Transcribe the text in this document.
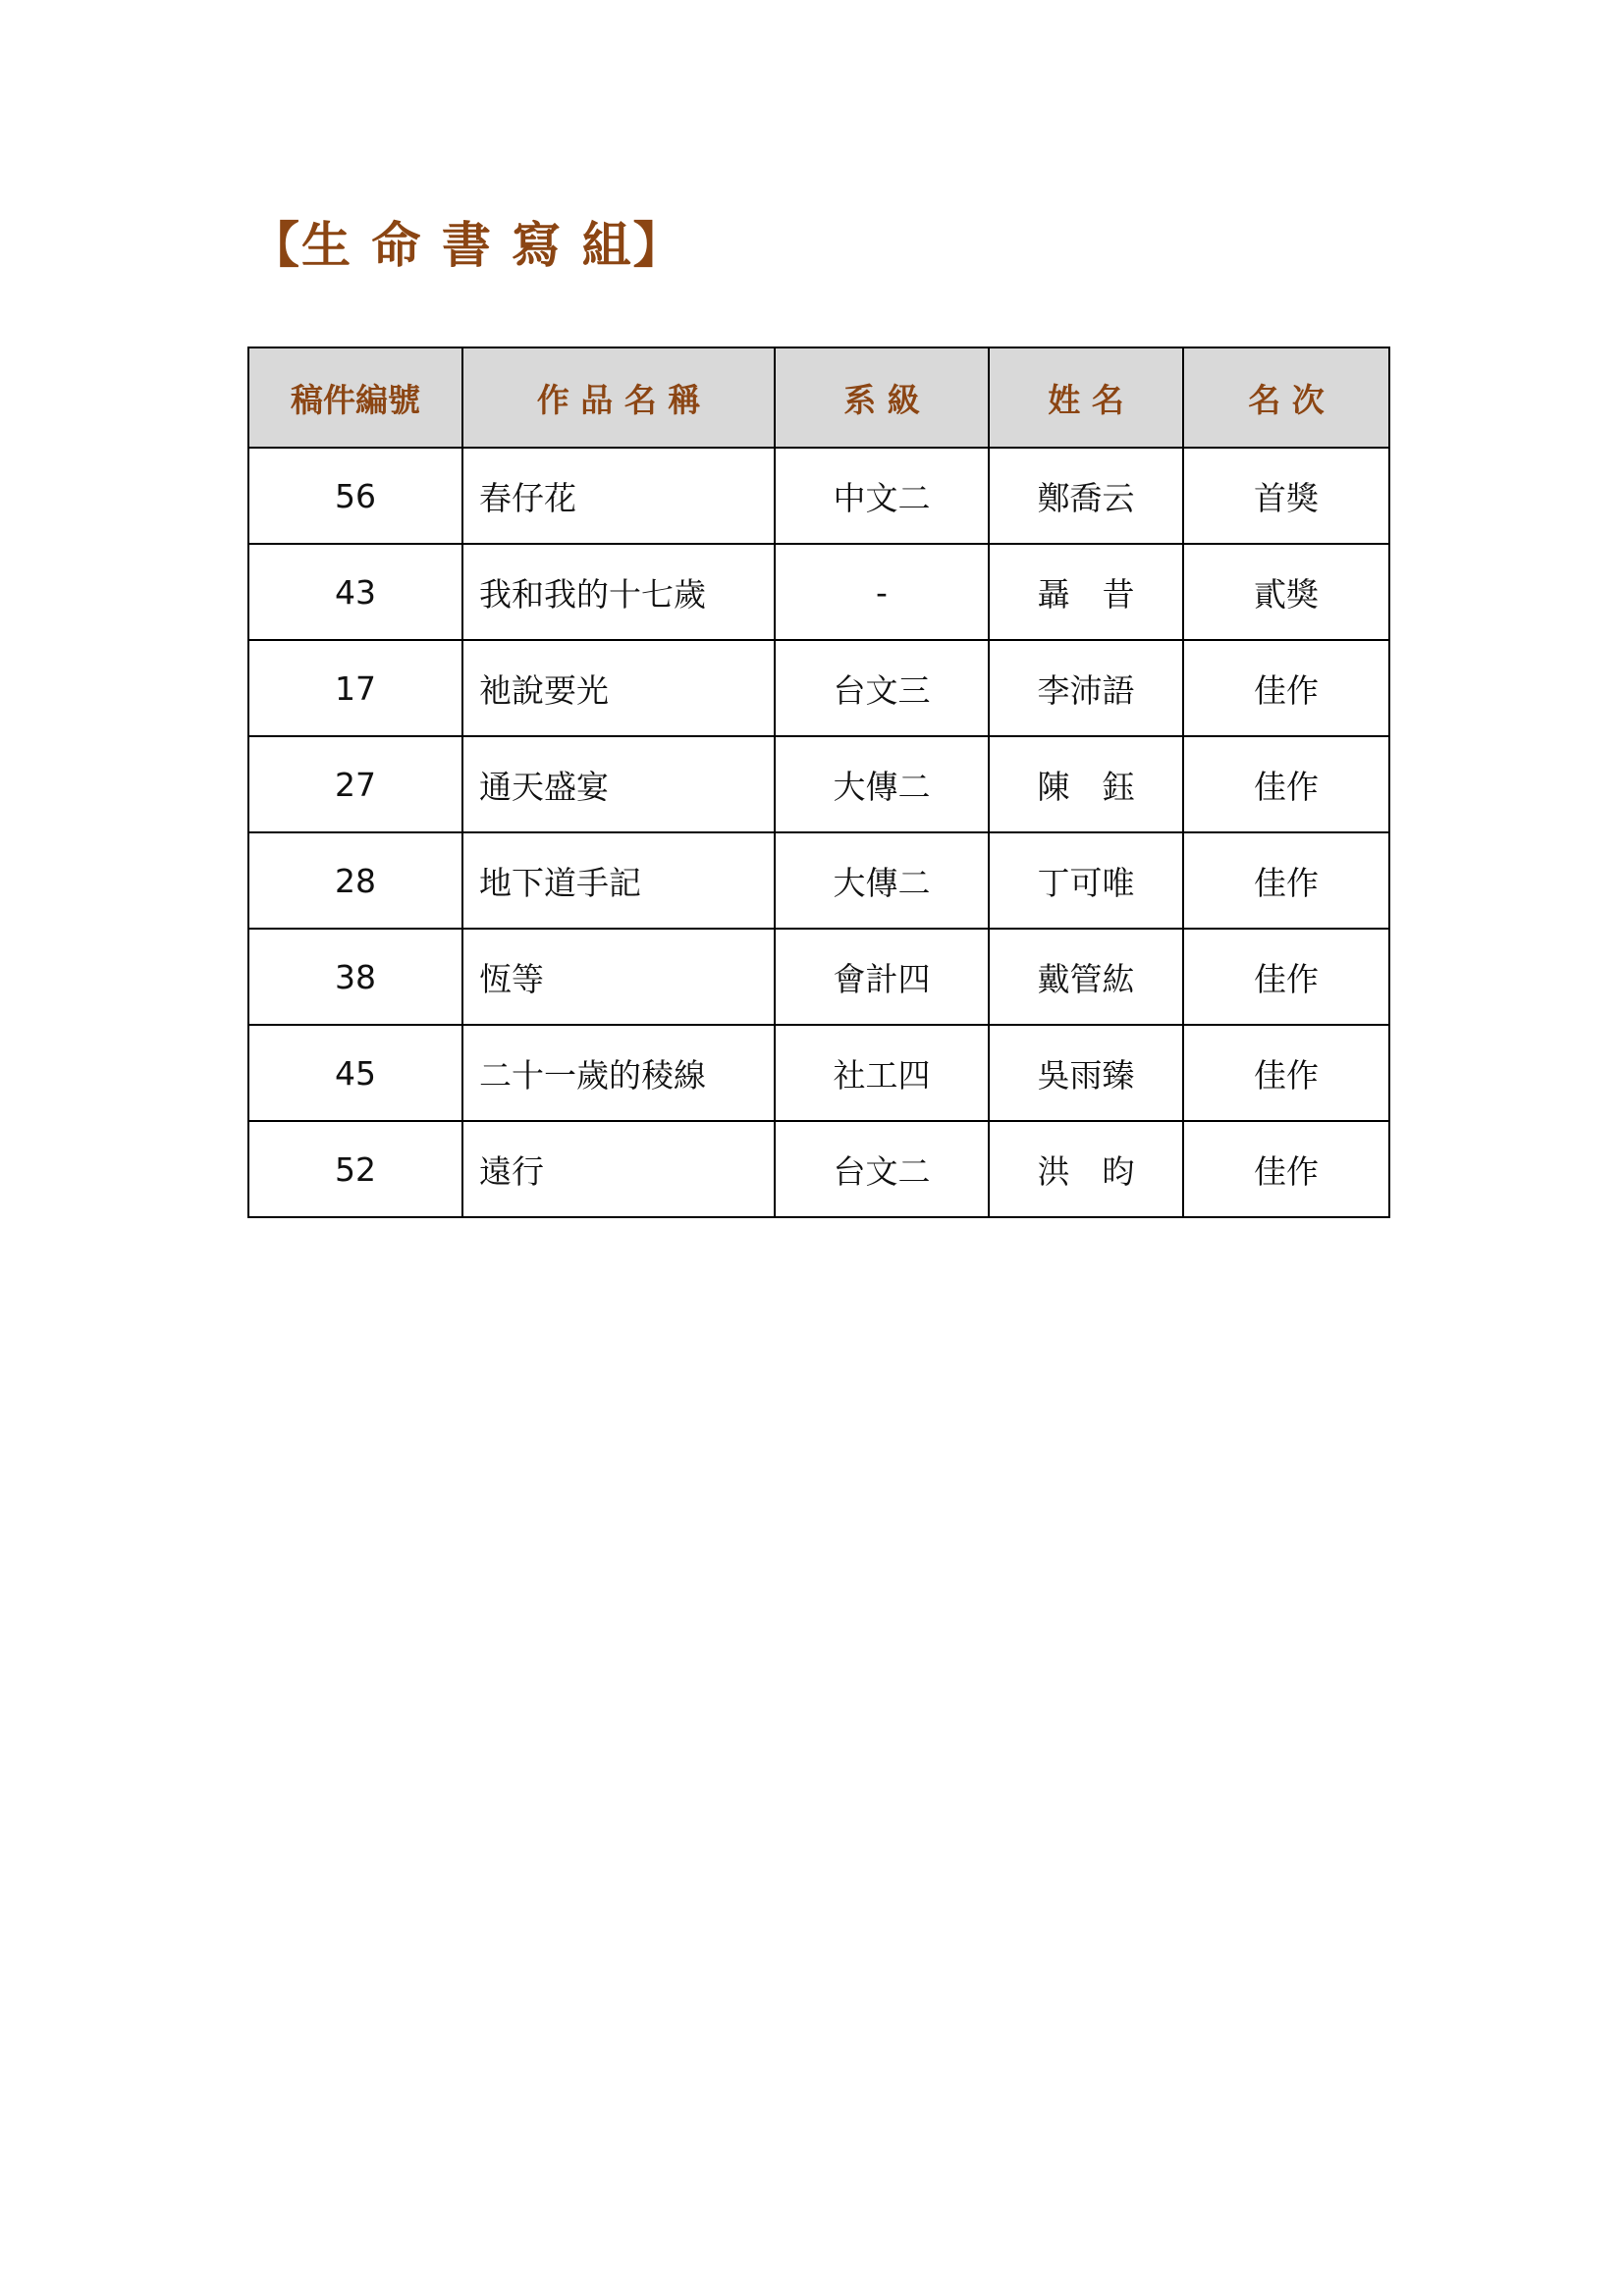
【生 命 書 寫 組】
稿件編號	作 品 名 稱	系 級	姓 名	名 次
56	春仔花	中文二	鄭喬云	首獎
43	我和我的十七歲	-	聶　昔	貳獎
17	祂說要光	台文三	李沛語	佳作
27	通天盛宴	大傳二	陳　鈺	佳作
28	地下道手記	大傳二	丁可唯	佳作
38	恆等	會計四	戴管紘	佳作
45	二十一歲的稜線	社工四	吳雨臻	佳作
52	遠行	台文二	洪　昀	佳作
